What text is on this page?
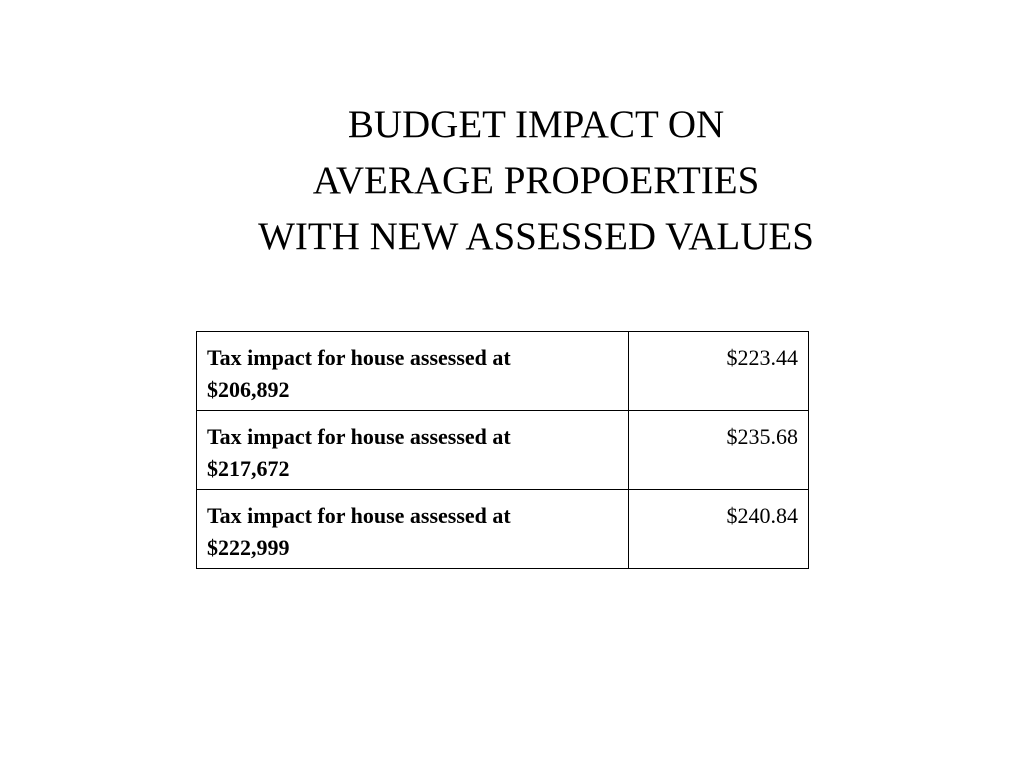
BUDGET IMPACT ON
AVERAGE PROPOERTIES
WITH NEW ASSESSED VALUES
Tax impact for house assessed at
$206,892	$223.44
Tax impact for house assessed at
$217,672	$235.68
Tax impact for house assessed at
$222,999	$240.84
